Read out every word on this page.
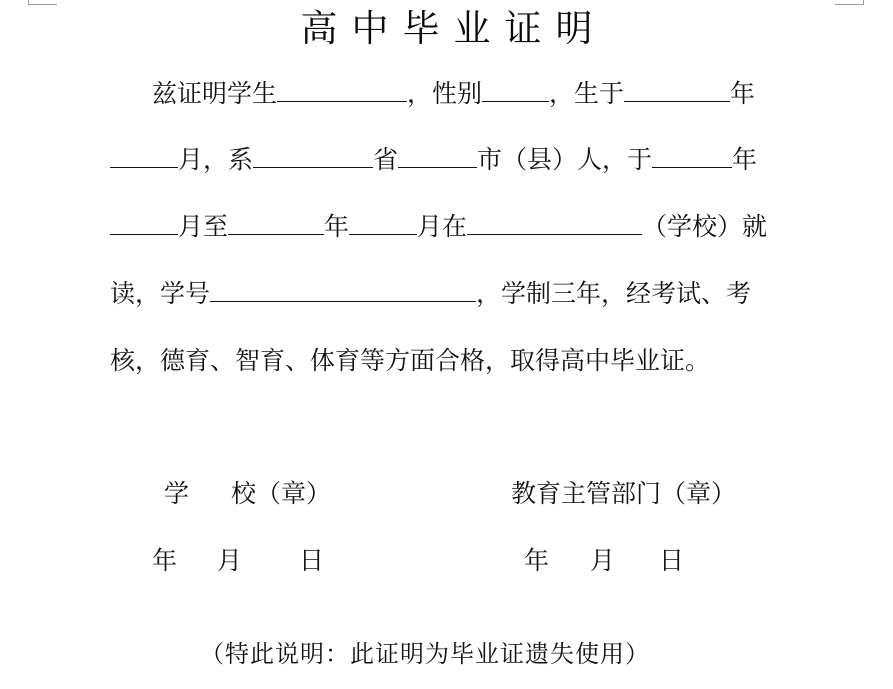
高中毕业证明
兹证明学生	，性别	，生于	年
月，系	省	市（县）人，于	年
月至	年	月在	（学校）就
读，学号	，学制三年，经考试、考
核，德育、智育、体育等方面合格，取得高中毕业证。
学 校（章）
年 月 日
教育主管部门（章）
年 月 日
（特此说明：此证明为毕业证遗失使用）
